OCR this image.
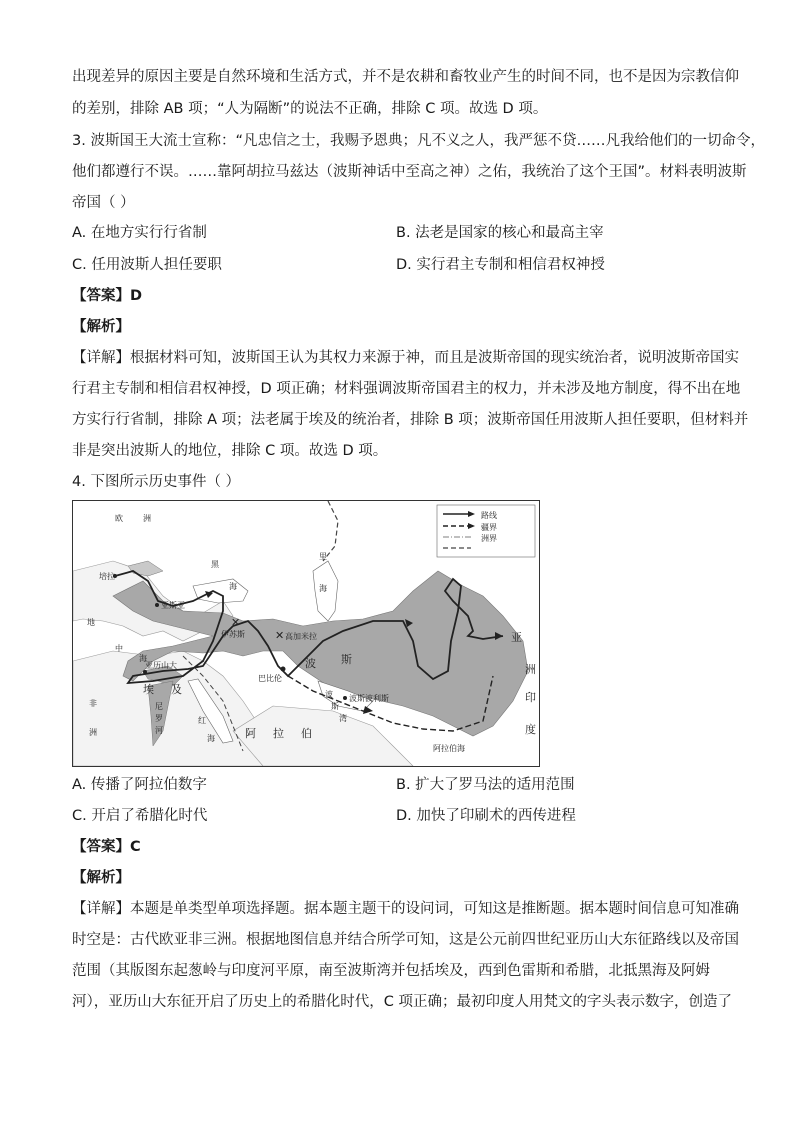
出现差异的原因主要是自然环境和生活方式，并不是农耕和畜牧业产生的时间不同，也不是因为宗教信仰
的差别，排除 AB 项；“人为隔断”的说法不正确，排除 C 项。故选 D 项。
3. 波斯国王大流士宣称：“凡忠信之士，我赐予恩典；凡不义之人，我严惩不贷……凡我给他们的一切命令，
他们都遵行不误。……靠阿胡拉马兹达（波斯神话中至高之神）之佑，我统治了这个王国”。材料表明波斯
帝国（ ）
A. 在地方实行行省制	B. 法老是国家的核心和最高主宰
C. 任用波斯人担任要职	D. 实行君主专制和相信君权神授
【答案】D
【解析】
【详解】根据材料可知，波斯国王认为其权力来源于神，而且是波斯帝国的现实统治者，说明波斯帝国实
行君主专制和相信君权神授，D 项正确；材料强调波斯帝国君主的权力，并未涉及地方制度，得不出在地
方实行行省制，排除 A 项；法老属于埃及的统治者，排除 B 项；波斯帝国任用波斯人担任要职，但材料并
非是突出波斯人的地位，排除 C 项。故选 D 项。
4. 下图所示历史事件（ ）
✕
✕
路线
疆界
洲界
欧	洲
培拉
亚斯亚
伊苏斯	高加米拉
亚历山大
巴比伦
波斯波利斯
地
中
海
黑
海
埃 及
尼
罗
河
红
海
波 斯
阿 拉 伯
波
斯
湾
阿拉伯海
非
洲
亚
洲
印
度
里
海
A. 传播了阿拉伯数字	B. 扩大了罗马法的适用范围
C. 开启了希腊化时代	D. 加快了印刷术的西传进程
【答案】C
【解析】
【详解】本题是单类型单项选择题。据本题主题干的设问词，可知这是推断题。据本题时间信息可知准确
时空是：古代欧亚非三洲。根据地图信息并结合所学可知，这是公元前四世纪亚历山大东征路线以及帝国
范围（其版图东起葱岭与印度河平原，南至波斯湾并包括埃及，西到色雷斯和希腊，北抵黑海及阿姆
河），亚历山大东征开启了历史上的希腊化时代，C 项正确；最初印度人用梵文的字头表示数字，创造了
